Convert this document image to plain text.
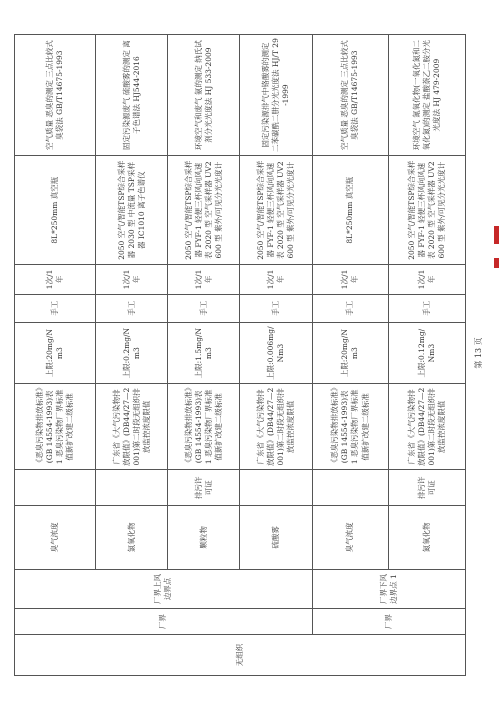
无组织	厂界	厂界上风边界点	臭气浓度		《恶臭污染物排放标准》(GB 14554-1993)表 1 恶臭污染物厂界标准值新扩改建二级标准	上限:20mg/Nm3	手工	1次/1年	8L*250mm 真空瓶	空气质量 恶臭的测定 三点比较式臭袋法 GB/T14675-1993
			氯氧化物		广东省《大气污染物排放限值》(DB44/27—2001)第二时段无组织排放监控浓度限值	上限:0.2mg/Nm3	手工	1次/1年	2050 空气/智能TSP综合采样器 2030 型 中流量 TSP采样器 IC1010 离子色谱仪	固定污染源废气 硫酸雾的测定 离子色谱法 HJ544-2016
			颗粒物	排污许可证	《恶臭污染物排放标准》(GB 14554-1993)表 1 恶臭污染物厂界标准值新扩改建二级标准	上限:1.5mg/Nm3	手工	1次/1年	2050 空气/智能TSP综合采样器 FYF-1 轻便三杯风向风速表 2020 型 空气采样器 UV2600 型 紫外/可见分光光度计	环境空气和废气 氨的测定 纳氏试剂分光光度法 HJ 533-2009
			硫酸雾		广东省《大气污染物排放限值》(DB44/27—2001)第二时段无组织排放监控浓度限值	上限:0.006mg/Nm3	手工	1次/1年	2050 空气/智能TSP综合采样器 FYF-1 轻便三杯风向风速表 2020 型 空气采样器 UV2600 型 紫外/可见分光光度计	固定污染源排气中铬酸雾的测定 二苯碳酰二肼分光光度法 HJ/T 29-1999
	厂界	厂界下风边界点 1	臭气浓度		《恶臭污染物排放标准》(GB 14554-1993)表 1 恶臭污染物厂界标准值新扩改建二级标准	上限:20mg/Nm3	手工	1次/1年	8L*250mm 真空瓶	空气质量 恶臭的测定 三点比较式臭袋法 GB/T14675-1993
			氮氧化物	排污许可证	广东省《大气污染物排放限值》(DB44/27—2001)第二时段无组织排放监控浓度限值	上限:0.12mg/Nm3	手工	1次/1年	2050 空气/智能TSP综合采样器 FYF-1 轻便三杯风向风速表 2020 型 空气采样器 UV2600 型 紫外/可见分光光度计	环境空气 氮氧化物(一氧化氮和二氧化氮)的测定 盐酸萘乙二胺分光光度法 HJ 479-2009
第 13 页
